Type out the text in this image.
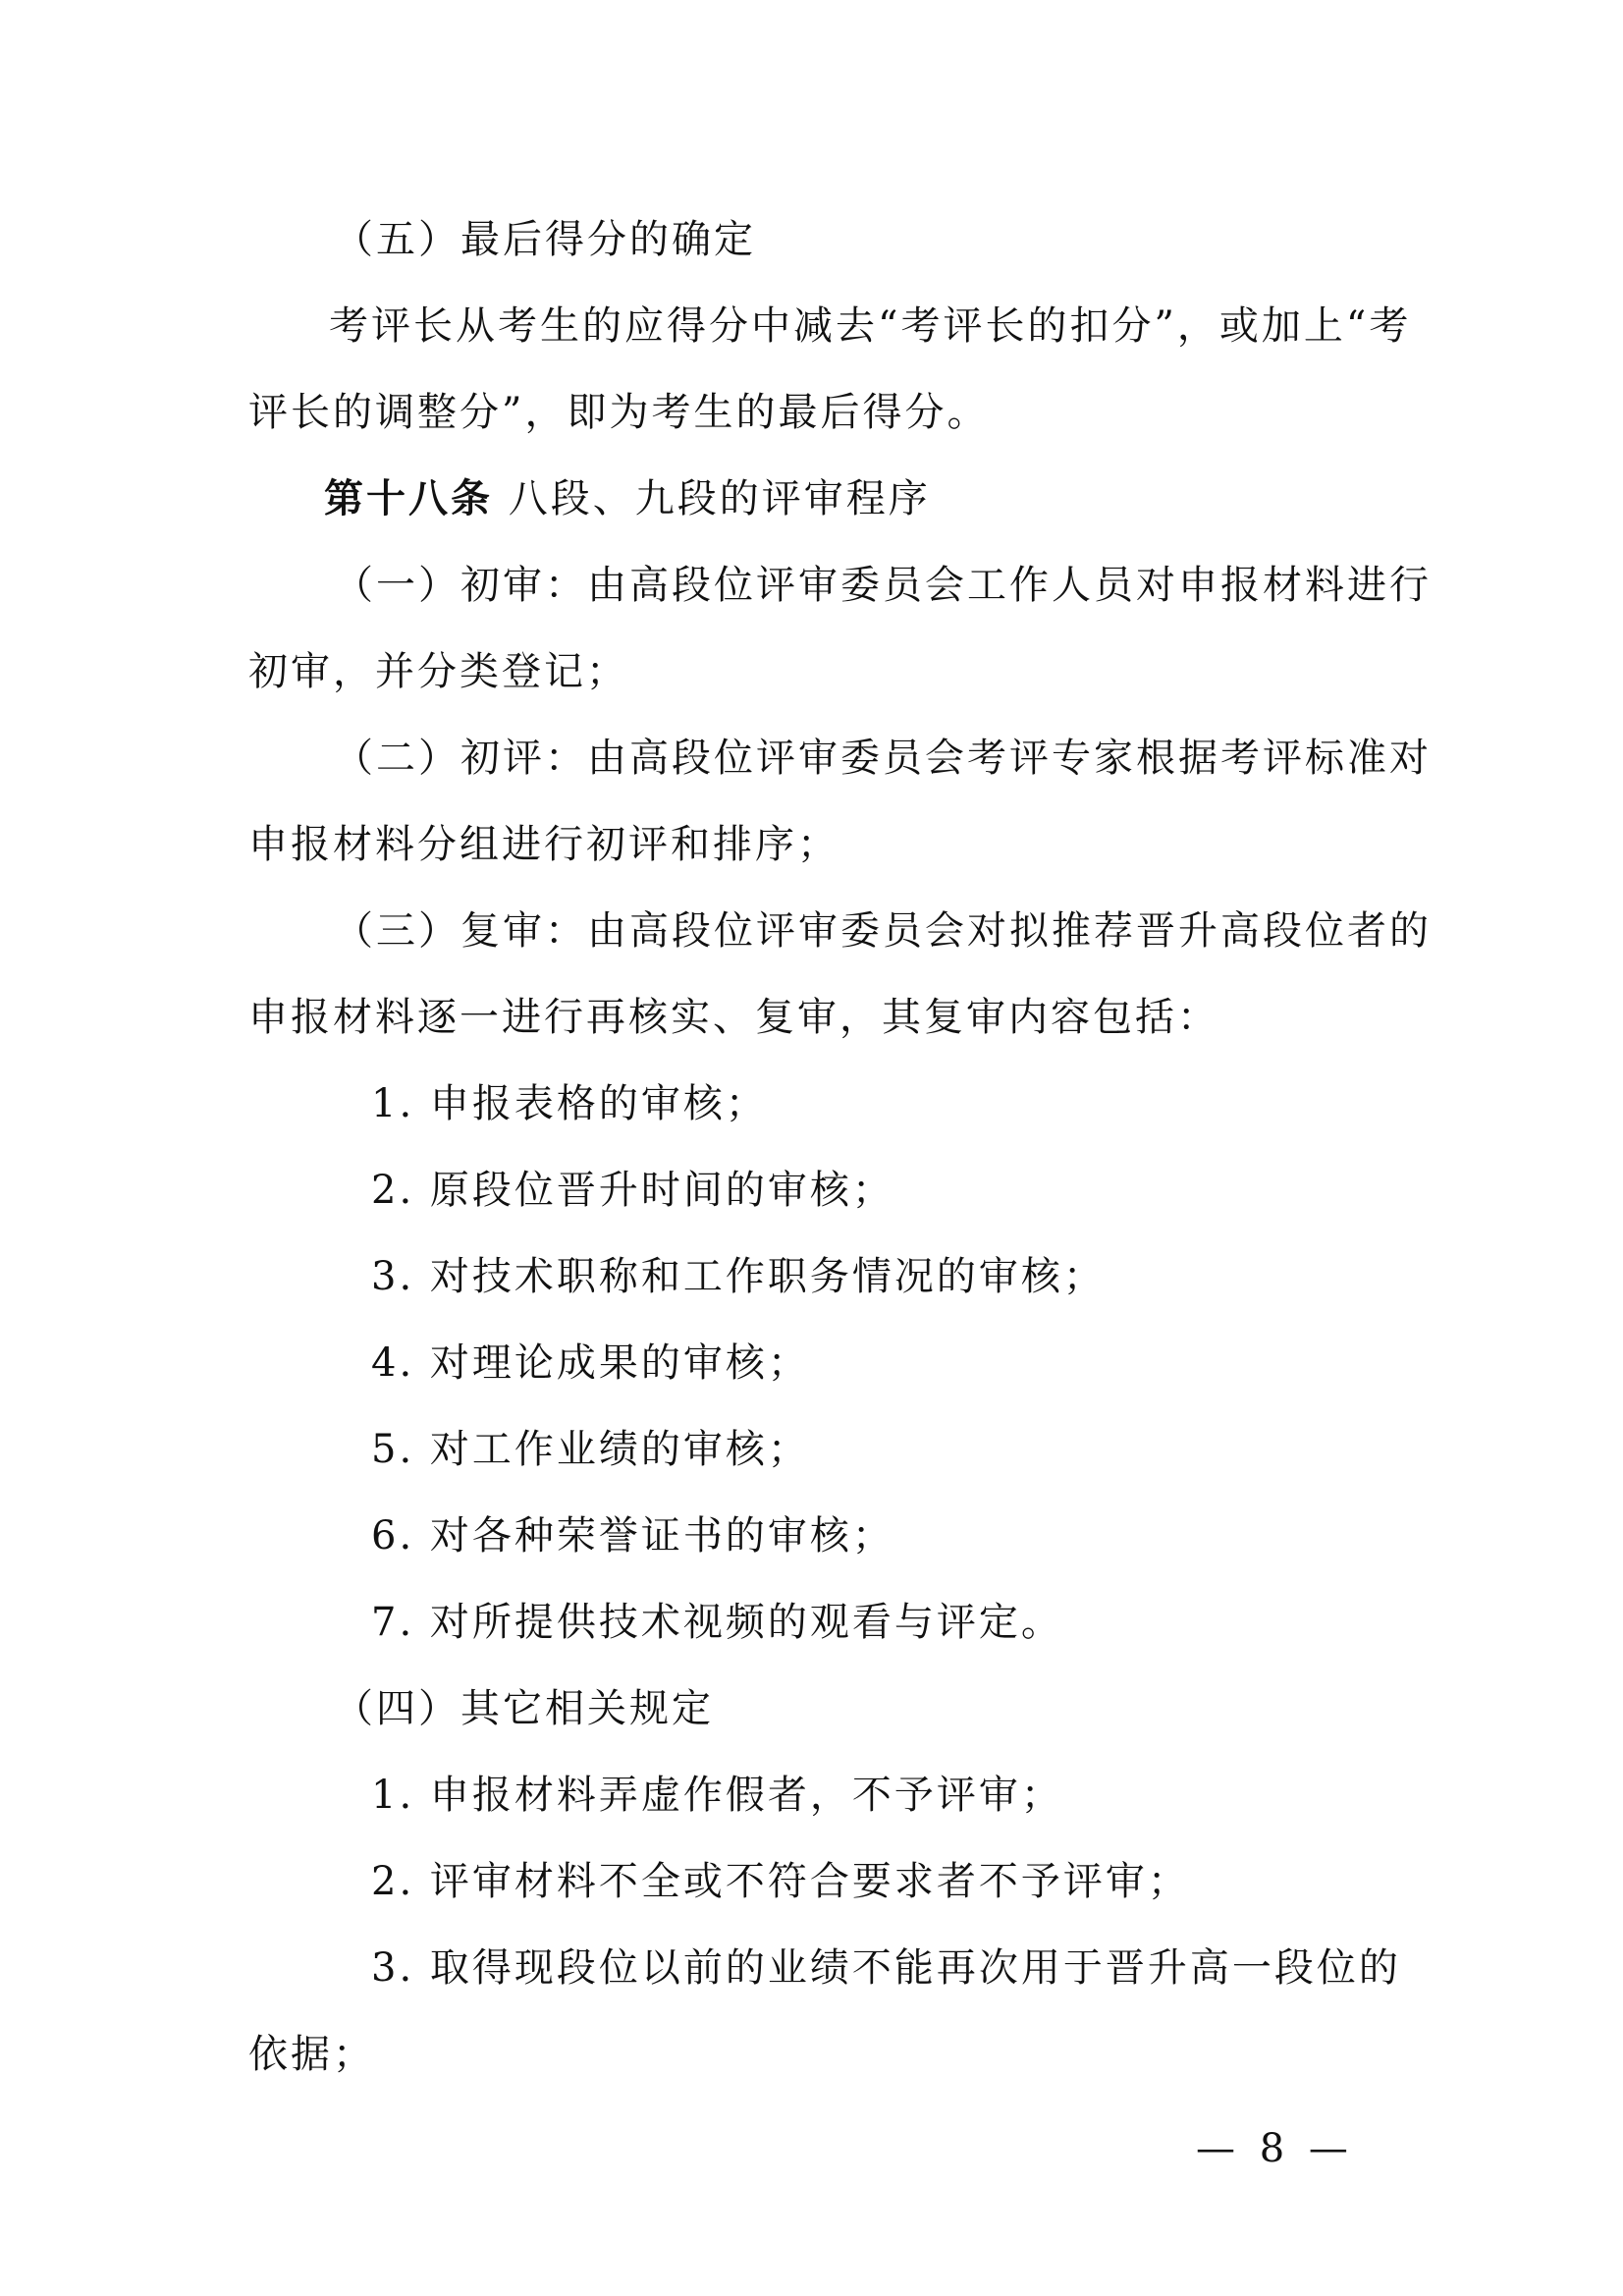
（五）最后得分的确定
考评长从考生的应得分中减去“考评长的扣分”，或加上“考
评长的调整分”，即为考生的最后得分。
第十八条 八段、九段的评审程序
（一）初审：由高段位评审委员会工作人员对申报材料进行
初审，并分类登记；
（二）初评：由高段位评审委员会考评专家根据考评标准对
申报材料分组进行初评和排序；
（三）复审：由高段位评审委员会对拟推荐晋升高段位者的
申报材料逐一进行再核实、复审，其复审内容包括：
1. 申报表格的审核；
2. 原段位晋升时间的审核；
3. 对技术职称和工作职务情况的审核；
4. 对理论成果的审核；
5. 对工作业绩的审核；
6. 对各种荣誉证书的审核；
7. 对所提供技术视频的观看与评定。
（四）其它相关规定
1. 申报材料弄虚作假者，不予评审；
2. 评审材料不全或不符合要求者不予评审；
3. 取得现段位以前的业绩不能再次用于晋升高一段位的
依据；
— 8 —
